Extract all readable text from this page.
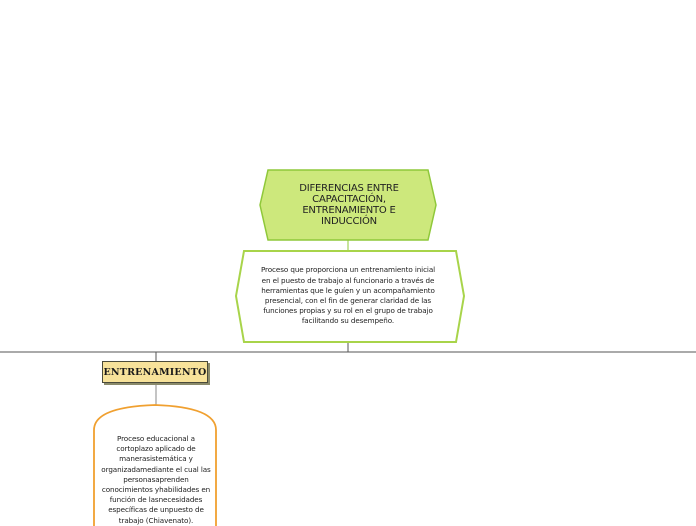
DIFERENCIAS ENTRE CAPACITACIÓN, ENTRENAMIENTO E INDUCCIÓN
Proceso que proporciona un entrenamiento inicial en el puesto de trabajo al funcionario a través de herramientas que le guíen y un acompañamiento presencial, con el fin de generar claridad de las funciones propias y su rol en el grupo de trabajo facilitando su desempeño.
ENTRENAMIENTO
Proceso educacional a cortoplazo aplicado de manerasistemática y organizadamediante el cual las personasaprenden conocimientos yhabilidades en función de lasnecesidades específicas de unpuesto de trabajo (Chiavenato).
